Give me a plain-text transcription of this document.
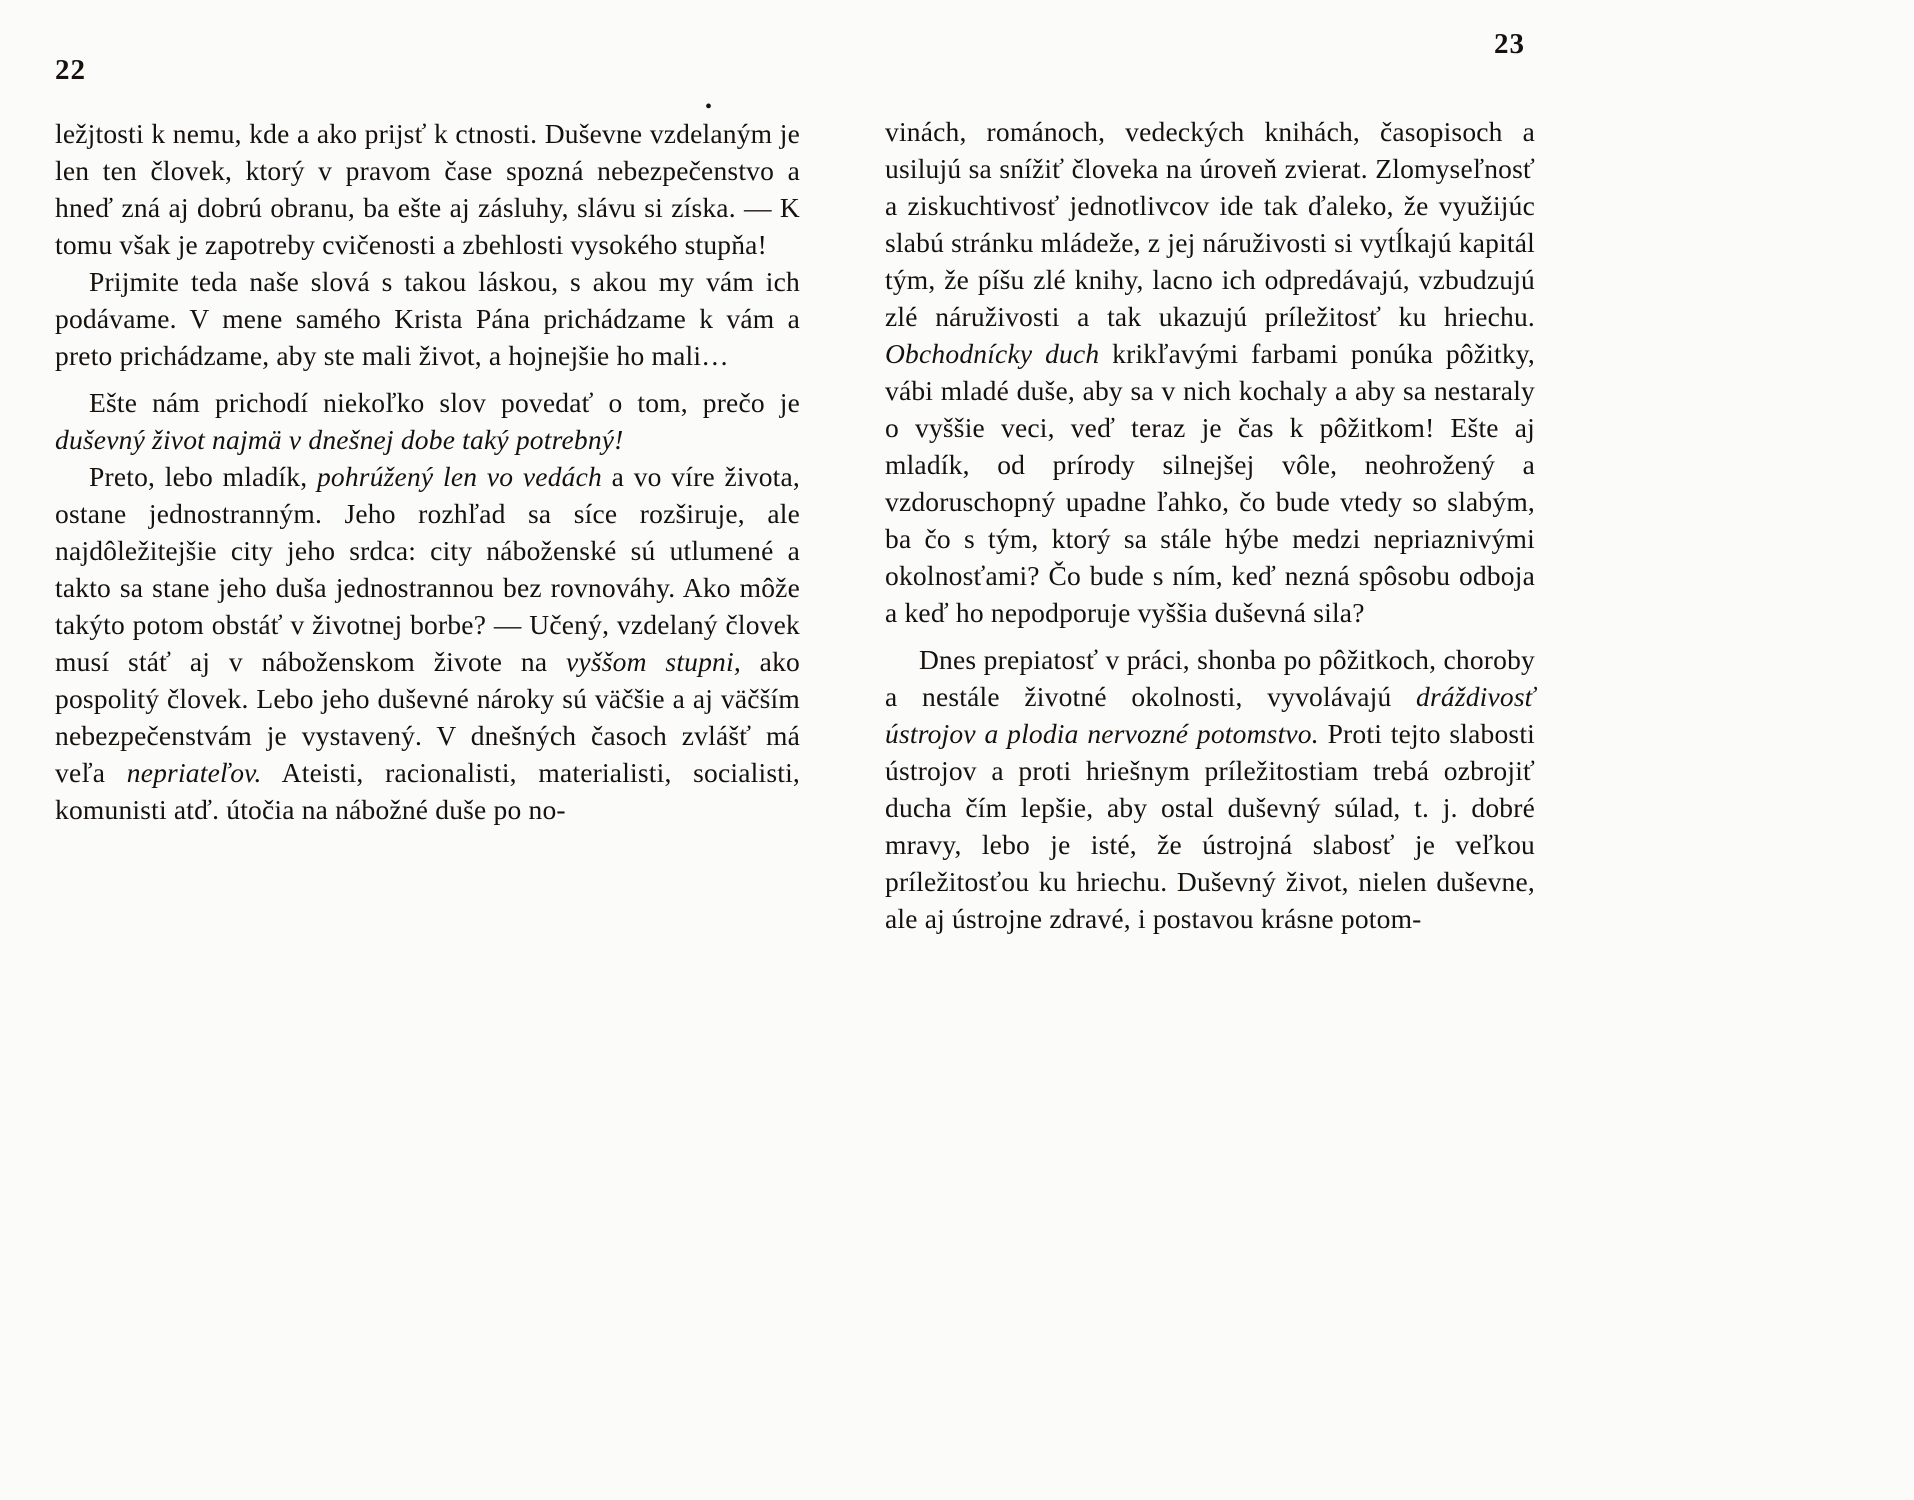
22

ležjtosti k nemu, kde a ako prijsť k ctnosti. Duševne vzdelaným je len ten človek, ktorý v pravom čase spozná nebezpečenstvo a hneď zná aj dobrú obranu, ba ešte aj zásluhy, slávu si získa. — K tomu však je zapotreby cvičenosti a zbehlosti vysokého stupňa!

Prijmite teda naše slová s takou láskou, s akou my vám ich podávame. V mene samého Krista Pána prichádzame k vám a preto prichádzame, aby ste mali život, a hojnejšie ho mali…

Ešte nám prichodí niekoľko slov povedať o tom, prečo je duševný život najmä v dnešnej dobe taký potrebný!

Preto, lebo mladík, pohrúžený len vo vedách a vo víre života, ostane jednostranným. Jeho rozhľad sa síce rozširuje, ale najdôležitejšie city jeho srdca: city náboženské sú utlumené a takto sa stane jeho duša jednostrannou bez rovnováhy. Ako môže takýto potom obstáť v životnej borbe? — Učený, vzdelaný človek musí stáť aj v náboženskom živote na vyššom stupni, ako pospolitý človek. Lebo jeho duševné nároky sú väčšie a aj väčším nebezpečenstvám je vystavený. V dnešných časoch zvlášť má veľa nepriateľov. Ateisti, racionalisti, materialisti, socialisti, komunisti atď. útočia na nábožné duše po no-

23

vinách, románoch, vedeckých knihách, časopisoch a usilujú sa snížiť človeka na úroveň zvierat. Zlomyseľnosť a ziskuchtivosť jednotlivcov ide tak ďaleko, že využijúc slabú stránku mládeže, z jej náruživosti si vytĺkajú kapitál tým, že píšu zlé knihy, lacno ich odpredávajú, vzbudzujú zlé náruživosti a tak ukazujú príležitosť ku hriechu. Obchodnícky duch krikľavými farbami ponúka pôžitky, vábi mladé duše, aby sa v nich kochaly a aby sa nestaraly o vyššie veci, veď teraz je čas k pôžitkom! Ešte aj mladík, od prírody silnejšej vôle, neohrožený a vzdoruschopný upadne ľahko, čo bude vtedy so slabým, ba čo s tým, ktorý sa stále hýbe medzi nepriaznivými okolnosťami? Čo bude s ním, keď nezná spôsobu odboja a keď ho nepodporuje vyššia duševná sila?

Dnes prepiatosť v práci, shonba po pôžitkoch, choroby a nestále životné okolnosti, vyvolávajú dráždivosť ústrojov a plodia nervozné potomstvo. Proti tejto slabosti ústrojov a proti hriešnym príležitostiam trebá ozbrojiť ducha čím lepšie, aby ostal duševný súlad, t. j. dobré mravy, lebo je isté, že ústrojná slabosť je veľkou príležitosťou ku hriechu. Duševný život, nielen duševne, ale aj ústrojne zdravé, i postavou krásne potom-

•
